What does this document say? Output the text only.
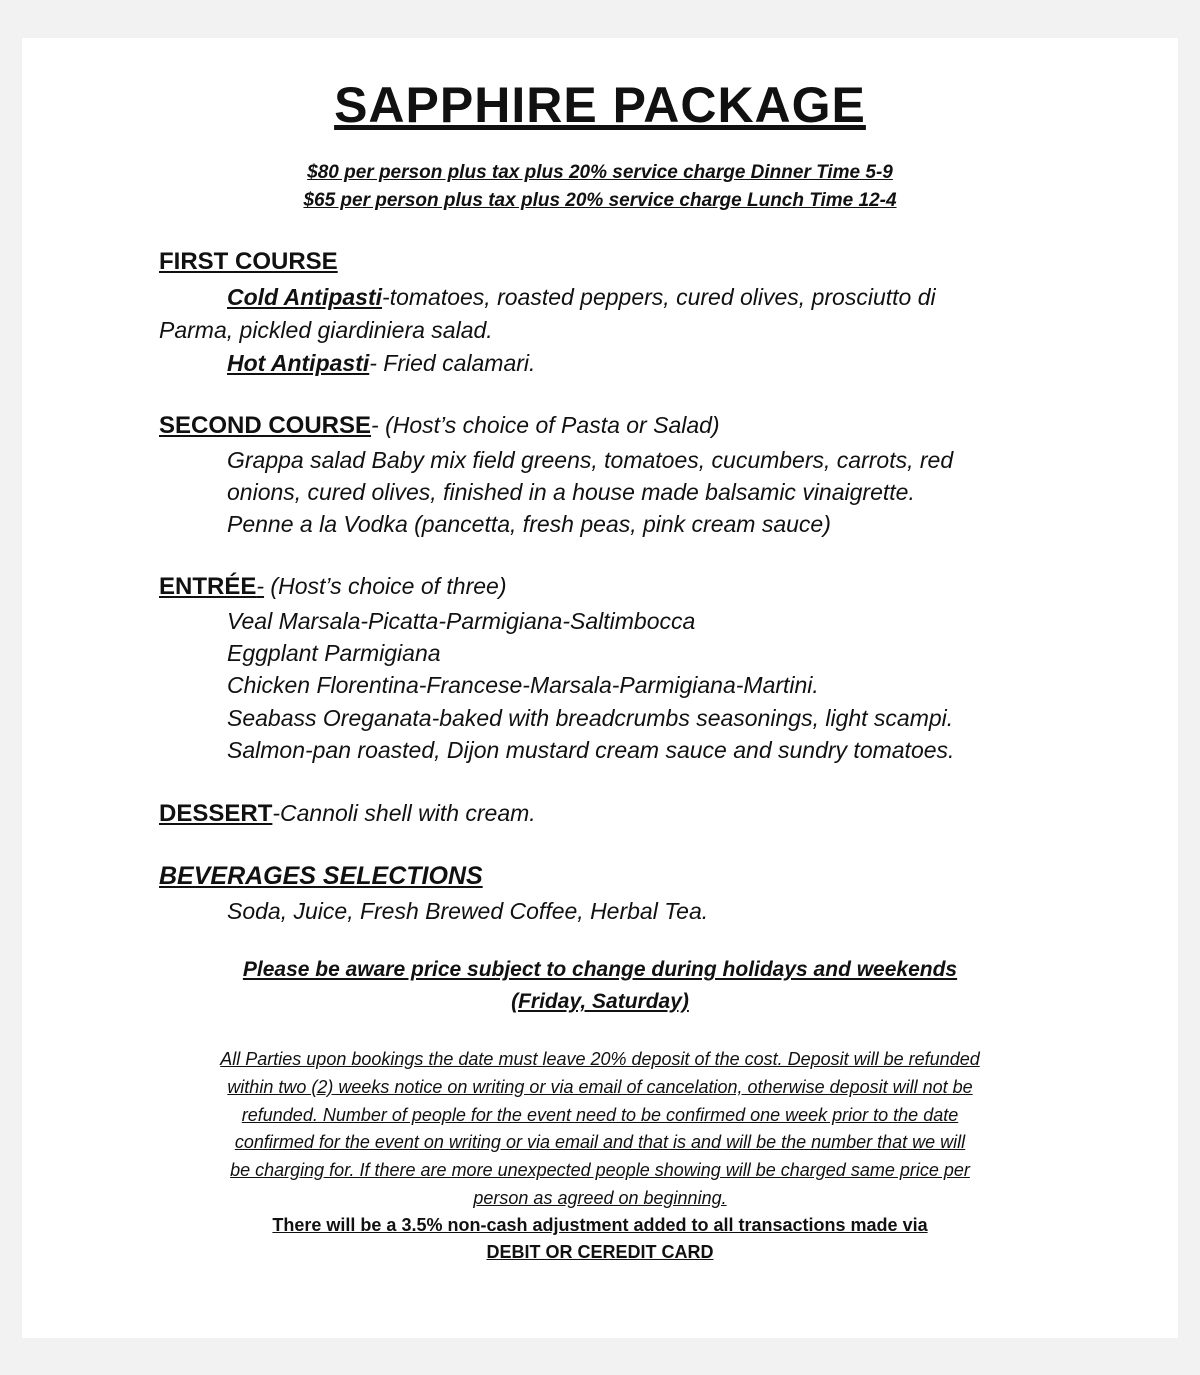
SAPPHIRE PACKAGE
$80 per person plus tax plus 20% service charge Dinner Time 5-9
$65 per person plus tax plus 20% service charge Lunch Time 12-4
FIRST COURSE
Cold Antipasti-tomatoes, roasted peppers, cured olives, prosciutto di
Parma, pickled giardiniera salad.
Hot Antipasti- Fried calamari.
SECOND COURSE- (Host’s choice of Pasta or Salad)
Grappa salad Baby mix field greens, tomatoes, cucumbers, carrots, red
onions, cured olives, finished in a house made balsamic vinaigrette.
Penne a la Vodka (pancetta, fresh peas, pink cream sauce)
ENTRÉE- (Host’s choice of three)
Veal Marsala-Picatta-Parmigiana-Saltimbocca
Eggplant Parmigiana
Chicken Florentina-Francese-Marsala-Parmigiana-Martini.
Seabass Oreganata-baked with breadcrumbs seasonings, light scampi.
Salmon-pan roasted, Dijon mustard cream sauce and sundry tomatoes.
DESSERT-Cannoli shell with cream.
BEVERAGES SELECTIONS
Soda, Juice, Fresh Brewed Coffee, Herbal Tea.
Please be aware price subject to change during holidays and weekends
(Friday, Saturday)
All Parties upon bookings the date must leave 20% deposit of the cost. Deposit will be refunded
within two (2) weeks notice on writing or via email of cancelation, otherwise deposit will not be
refunded. Number of people for the event need to be confirmed one week prior to the date
confirmed for the event on writing or via email and that is and will be the number that we will
be charging for. If there are more unexpected people showing will be charged same price per
person as agreed on beginning.
There will be a 3.5% non-cash adjustment added to all transactions made via
DEBIT OR CEREDIT CARD
